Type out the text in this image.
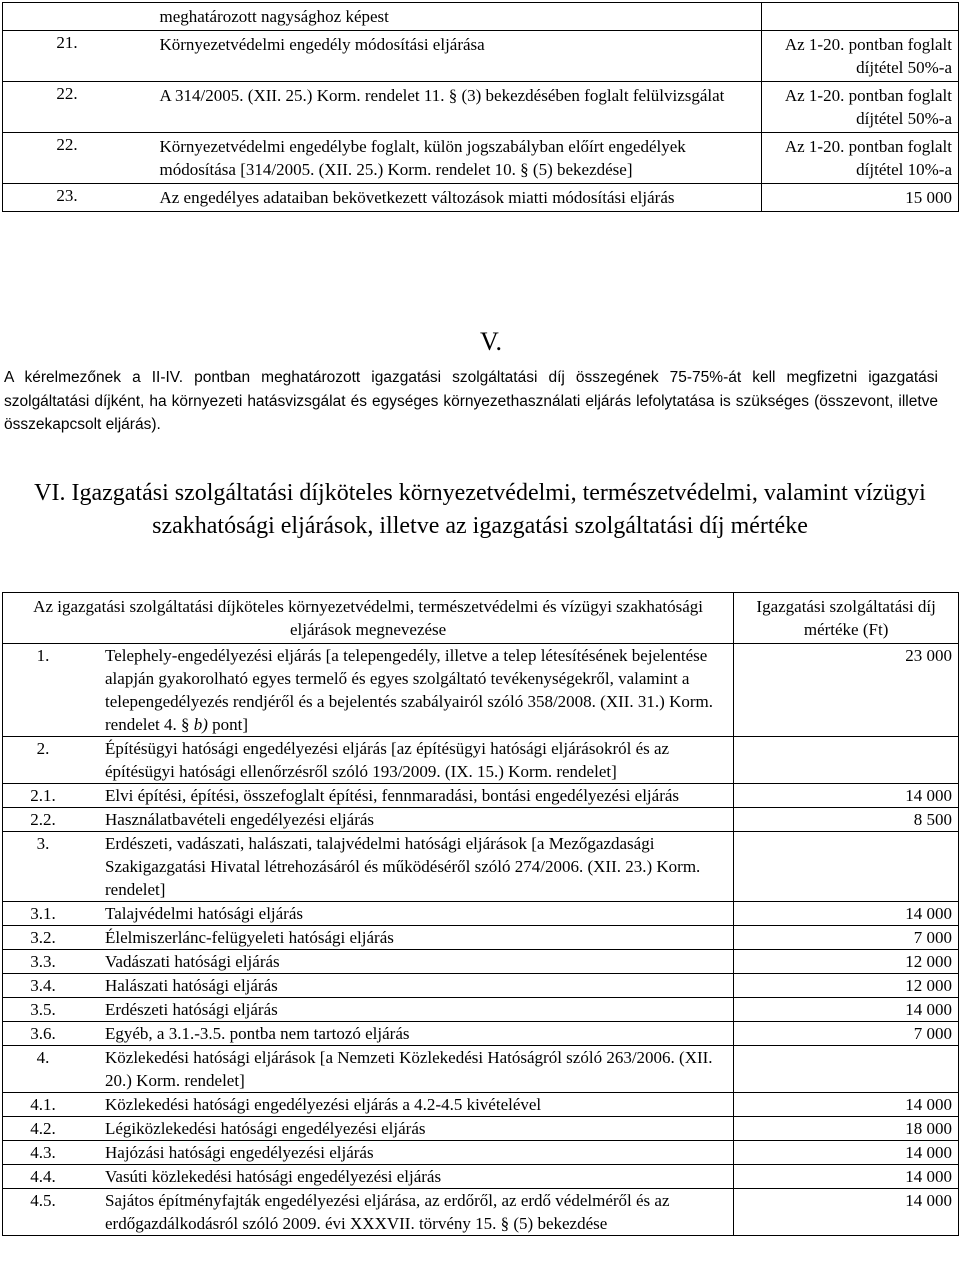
		meghatározott nagysághoz képest	
21.		Környezetvédelmi engedély módosítási eljárása	Az 1-20. pontban foglalt díjtétel 50%-a
22.		A 314/2005. (XII. 25.) Korm. rendelet 11. § (3) bekezdésében foglalt felülvizsgálat	Az 1-20. pontban foglalt díjtétel 50%-a
22.		Környezetvédelmi engedélybe foglalt, külön jogszabályban előírt engedélyek módosítása [314/2005. (XII. 25.) Korm. rendelet 10. § (5) bekezdése]	Az 1-20. pontban foglalt díjtétel 10%-a
23.		Az engedélyes adataiban bekövetkezett változások miatti módosítási eljárás	15 000
V.
A kérelmezőnek a II-IV. pontban meghatározott igazgatási szolgáltatási díj összegének 75-75%-át kell megfizetni igazgatási szolgáltatási díjként, ha környezeti hatásvizsgálat és egységes környezethasználati eljárás lefolytatása is szükséges (összevont, illetve összekapcsolt eljárás).
VI. Igazgatási szolgáltatási díjköteles környezetvédelmi, természetvédelmi, valamint vízügyi szakhatósági eljárások, illetve az igazgatási szolgáltatási díj mértéke
Az igazgatási szolgáltatási díjköteles környezetvédelmi, természetvédelmi és vízügyi szakhatósági eljárások megnevezése		Igazgatási szolgáltatási díj mértéke (Ft)

1.	Telephely-engedélyezési eljárás [a telepengedély, illetve a telep létesítésének bejelentése alapján gyakorolható egyes termelő és egyes szolgáltató tevékenységekről, valamint a telepengedélyezés rendjéről és a bejelentés szabályairól szóló 358/2008. (XII. 31.) Korm. rendelet 4. § b) pont]	23 000

2.	Építésügyi hatósági engedélyezési eljárás [az építésügyi hatósági eljárásokról és az építésügyi hatósági ellenőrzésről szóló 193/2009. (IX. 15.) Korm. rendelet]	

2.1.	Elvi építési, építési, összefoglalt építési, fennmaradási, bontási engedélyezési eljárás	14 000

2.2.	Használatbavételi engedélyezési eljárás	8 500

3.	Erdészeti, vadászati, halászati, talajvédelmi hatósági eljárások [a Mezőgazdasági Szakigazgatási Hivatal létrehozásáról és működéséről szóló 274/2006. (XII. 23.) Korm. rendelet]	

3.1.	Talajvédelmi hatósági eljárás	14 000

3.2.	Élelmiszerlánc-felügyeleti hatósági eljárás	7 000

3.3.	Vadászati hatósági eljárás	12 000

3.4.	Halászati hatósági eljárás	12 000

3.5.	Erdészeti hatósági eljárás	14 000

3.6.	Egyéb, a 3.1.-3.5. pontba nem tartozó eljárás	7 000

4.	Közlekedési hatósági eljárások [a Nemzeti Közlekedési Hatóságról szóló 263/2006. (XII. 20.) Korm. rendelet]	

4.1.	Közlekedési hatósági engedélyezési eljárás a 4.2-4.5 kivételével	14 000

4.2.	Légiközlekedési hatósági engedélyezési eljárás	18 000

4.3.	Hajózási hatósági engedélyezési eljárás	14 000

4.4.	Vasúti közlekedési hatósági engedélyezési eljárás	14 000

4.5.	Sajátos építményfajták engedélyezési eljárása, az erdőről, az erdő védelméről és az erdőgazdálkodásról szóló 2009. évi XXXVII. törvény 15. § (5) bekezdése	14 000
